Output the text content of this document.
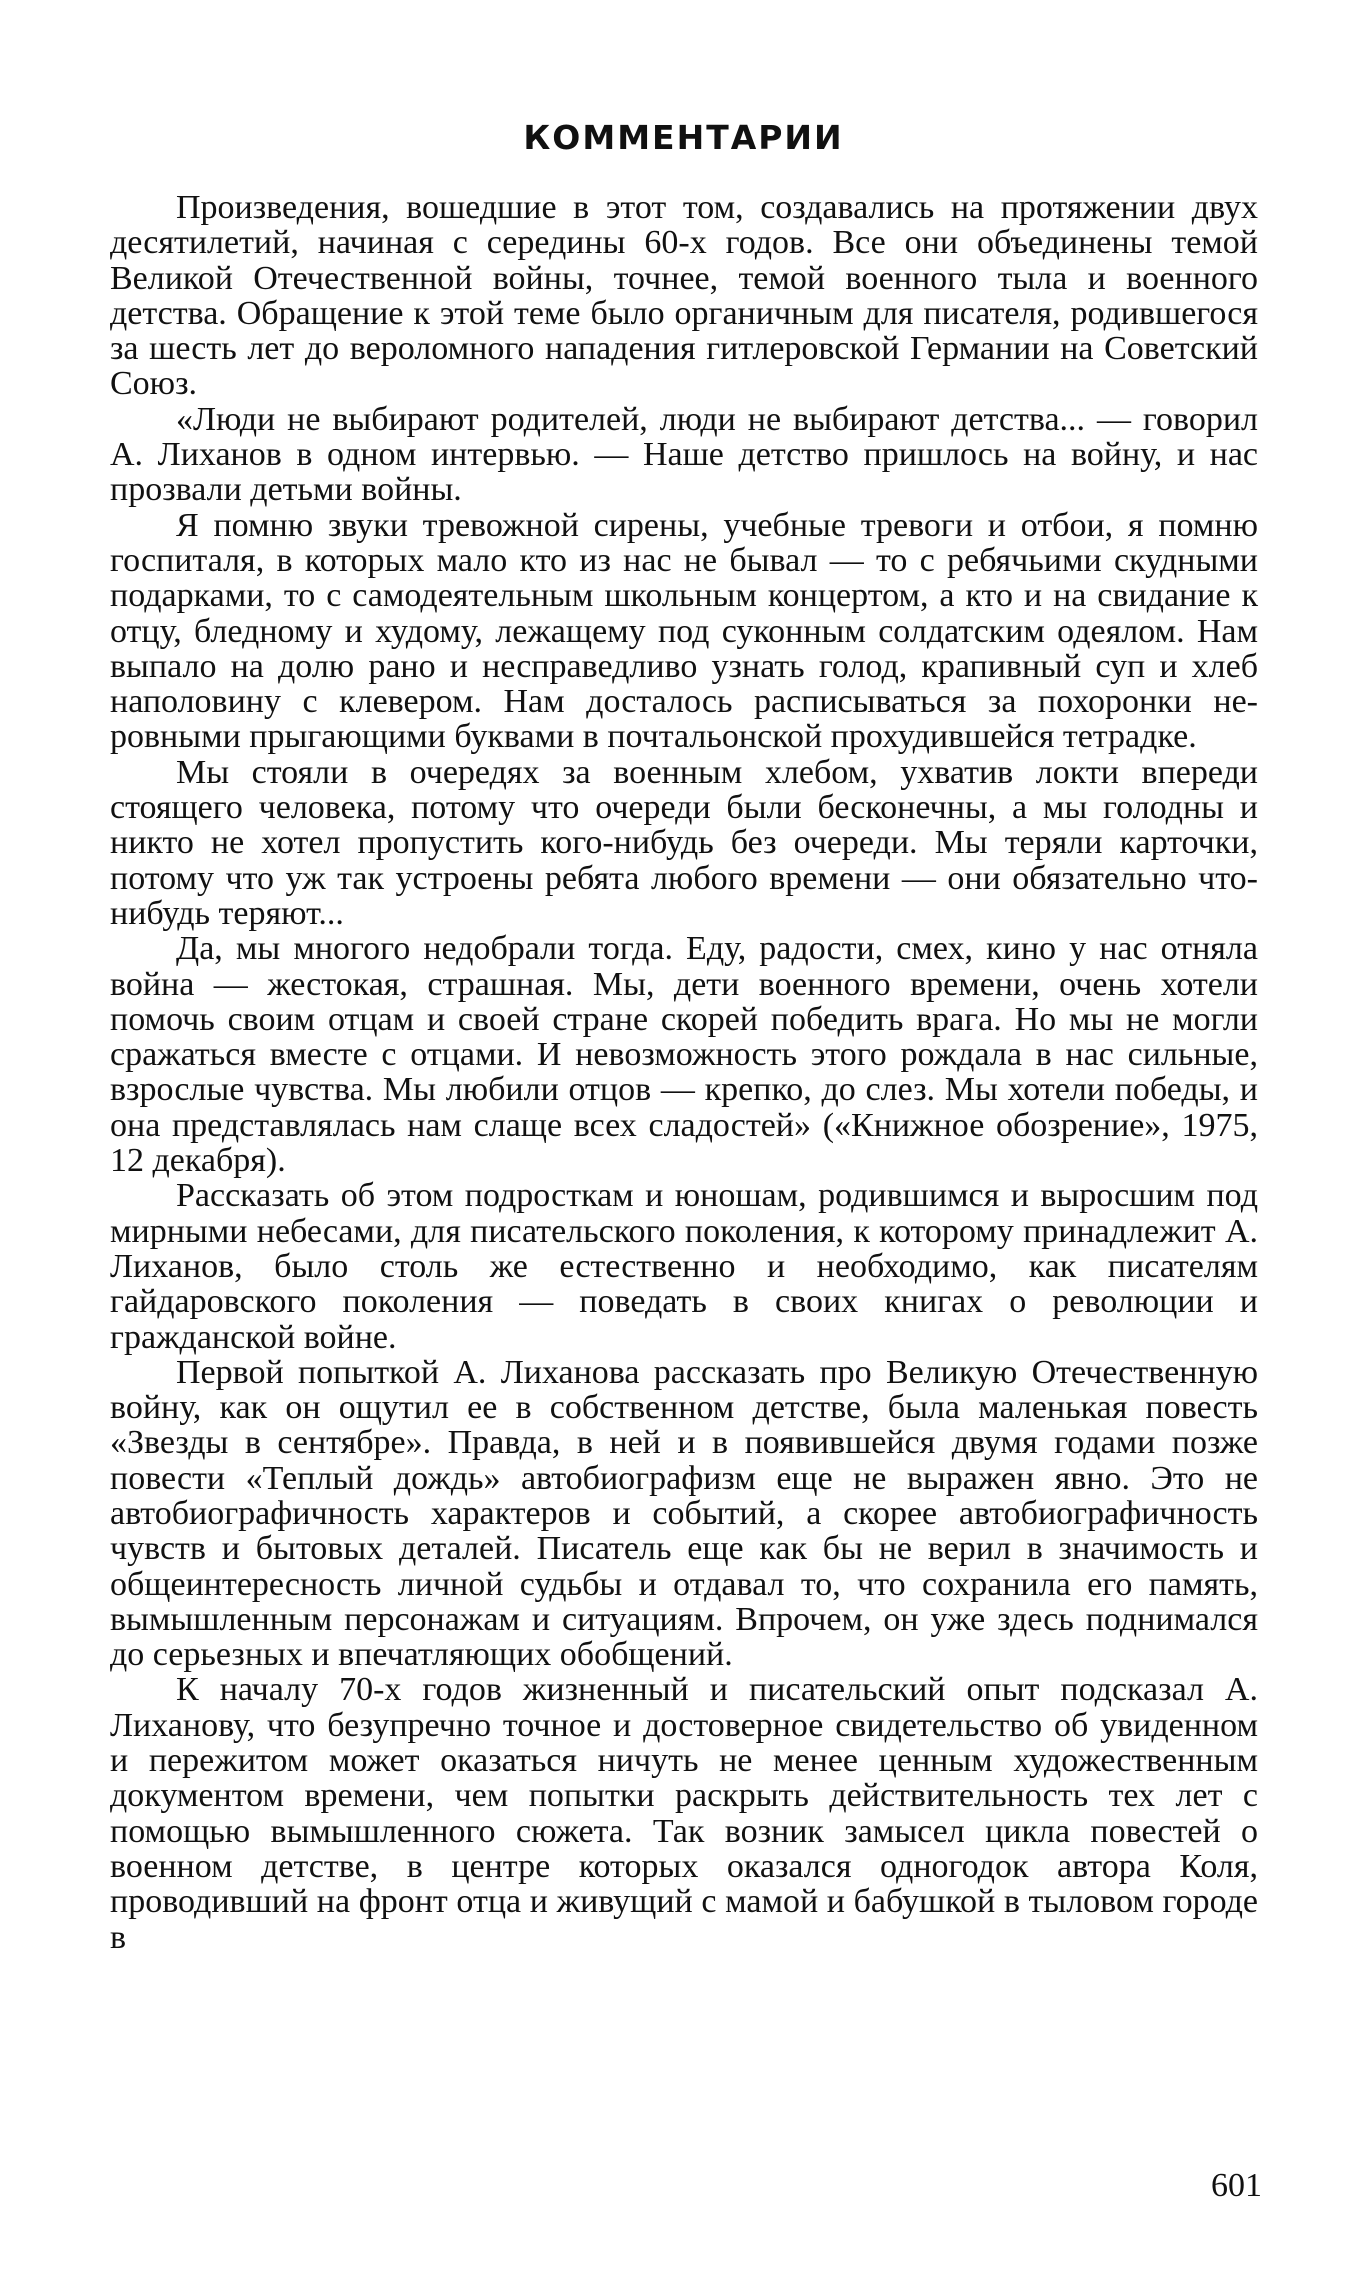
КОММЕНТАРИИ

Произведения, вошедшие в этот том, создавались на протяжении двух десятилетий, начиная с середины 60-х годов. Все они объединены темой Великой Отечественной войны, точнее, темой военного тыла и военного детства. Обращение к этой теме было органичным для писателя, родившегося за шесть лет до вероломного нападения гитлеровской Германии на Советский Союз.

«Люди не выбирают родителей, люди не выбирают детства... — говорил А. Лиханов в одном интервью. — Наше детство пришлось на войну, и нас прозвали детьми войны.

Я помню звуки тревожной сирены, учебные тревоги и отбои, я помню госпиталя, в которых мало кто из нас не бывал — то с ребячьими скудными подарками, то с самодеятельным школьным концертом, а кто и на свидание к отцу, бледному и худому, лежащему под суконным солдатским одеялом. Нам выпало на долю рано и несправедливо узнать голод, крапивный суп и хлеб наполовину с клевером. Нам досталось расписываться за похоронки неровными прыгающими буквами в почтальонской прохудившейся тетрадке.

Мы стояли в очередях за военным хлебом, ухватив локти впереди стоящего человека, потому что очереди были бесконечны, а мы голодны и никто не хотел пропустить кого-нибудь без очереди. Мы теряли карточки, потому что уж так устроены ребята любого времени — они обязательно что-нибудь теряют...

Да, мы многого недобрали тогда. Еду, радости, смех, кино у нас отняла война — жестокая, страшная. Мы, дети военного времени, очень хотели помочь своим отцам и своей стране скорей победить врага. Но мы не могли сражаться вместе с отцами. И невозможность этого рождала в нас сильные, взрослые чувства. Мы любили отцов — крепко, до слез. Мы хотели победы, и она представлялась нам слаще всех сладостей» («Книжное обозрение», 1975, 12 декабря).

Рассказать об этом подросткам и юношам, родившимся и выросшим под мирными небесами, для писательского поколения, к которому принадлежит А. Лиханов, было столь же естественно и необходимо, как писателям гайдаровского поколения — поведать в своих книгах о революции и гражданской войне.

Первой попыткой А. Лиханова рассказать про Великую Отечественную войну, как он ощутил ее в собственном детстве, была маленькая повесть «Звезды в сентябре». Правда, в ней и в появившейся двумя годами позже повести «Теплый дождь» автобиографизм еще не выражен явно. Это не автобиографичность характеров и событий, а скорее автобиографичность чувств и бытовых деталей. Писатель еще как бы не верил в значимость и общеинтересность личной судьбы и отдавал то, что сохранила его память, вымышленным персонажам и ситуациям. Впрочем, он уже здесь поднимался до серьезных и впечатляющих обобщений.

К началу 70-х годов жизненный и писательский опыт подсказал А. Лиханову, что безупречно точное и достоверное свидетельство об увиденном и пережитом может оказаться ничуть не менее ценным художественным документом времени, чем попытки раскрыть действительность тех лет с помощью вымышленного сюжета. Так возник замысел цикла повестей о военном детстве, в центре которых оказался одногодок автора Коля, проводивший на фронт отца и живущий с мамой и бабушкой в тыловом городе в

601
